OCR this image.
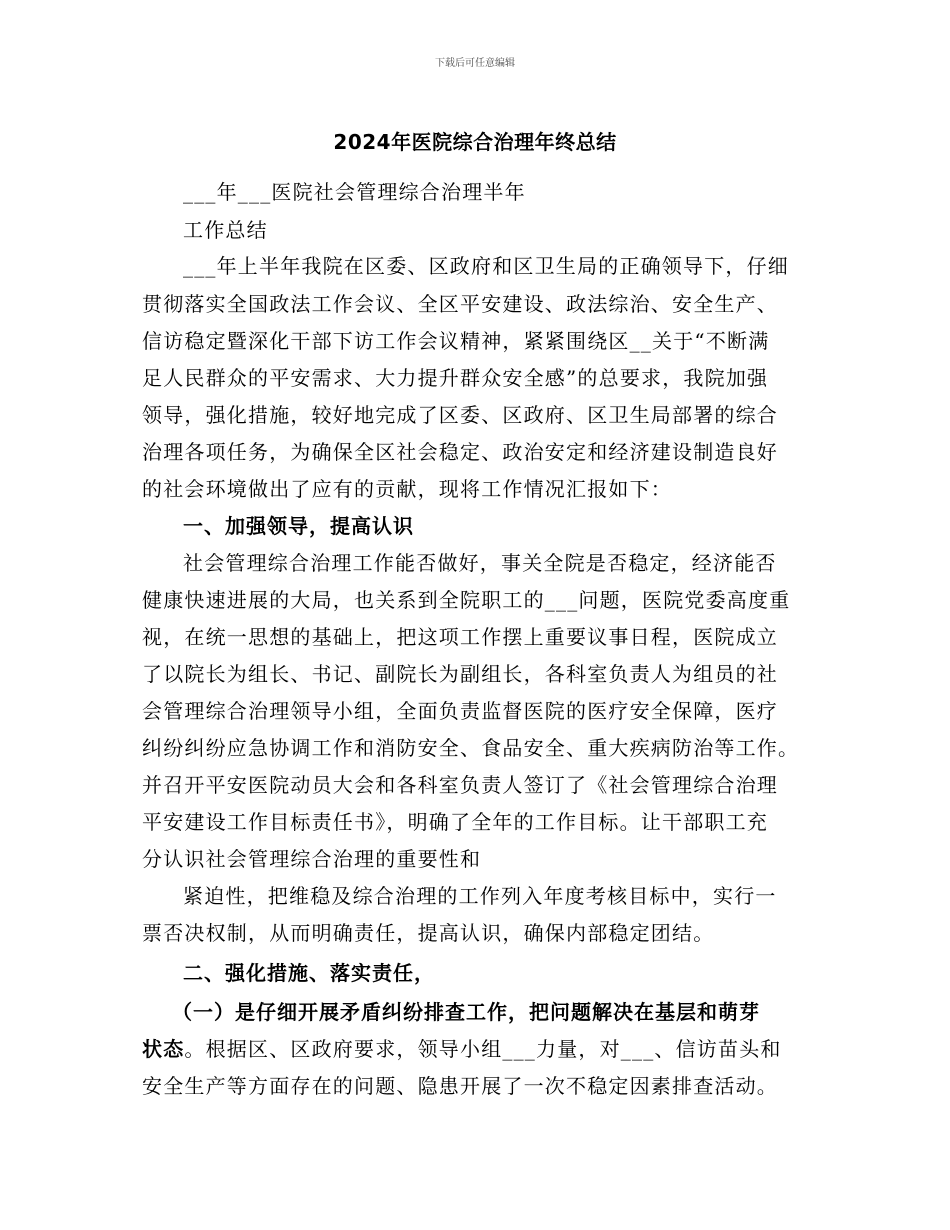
下载后可任意编辑
2024年医院综合治理年终总结
___年___医院社会管理综合治理半年
工作总结
___年上半年我院在区委、区政府和区卫生局的正确领导下，仔细
贯彻落实全国政法工作会议、全区平安建设、政法综治、安全生产、
信访稳定暨深化干部下访工作会议精神，紧紧围绕区__关于“不断满
足人民群众的平安需求、大力提升群众安全感”的总要求，我院加强
领导，强化措施，较好地完成了区委、区政府、区卫生局部署的综合
治理各项任务，为确保全区社会稳定、政治安定和经济建设制造良好
的社会环境做出了应有的贡献，现将工作情况汇报如下：
一、加强领导，提高认识
社会管理综合治理工作能否做好，事关全院是否稳定，经济能否
健康快速进展的大局，也关系到全院职工的___问题，医院党委高度重
视，在统一思想的基础上，把这项工作摆上重要议事日程，医院成立
了以院长为组长、书记、副院长为副组长，各科室负责人为组员的社
会管理综合治理领导小组，全面负责监督医院的医疗安全保障，医疗
纠纷纠纷应急协调工作和消防安全、食品安全、重大疾病防治等工作。
并召开平安医院动员大会和各科室负责人签订了《社会管理综合治理
平安建设工作目标责任书》，明确了全年的工作目标。让干部职工充
分认识社会管理综合治理的重要性和
紧迫性，把维稳及综合治理的工作列入年度考核目标中，实行一
票否决权制，从而明确责任，提高认识，确保内部稳定团结。
二、强化措施、落实责任，
（一）是仔细开展矛盾纠纷排查工作，把问题解决在基层和萌芽
状态。根据区、区政府要求，领导小组___力量，对___、信访苗头和
安全生产等方面存在的问题、隐患开展了一次不稳定因素排查活动。
